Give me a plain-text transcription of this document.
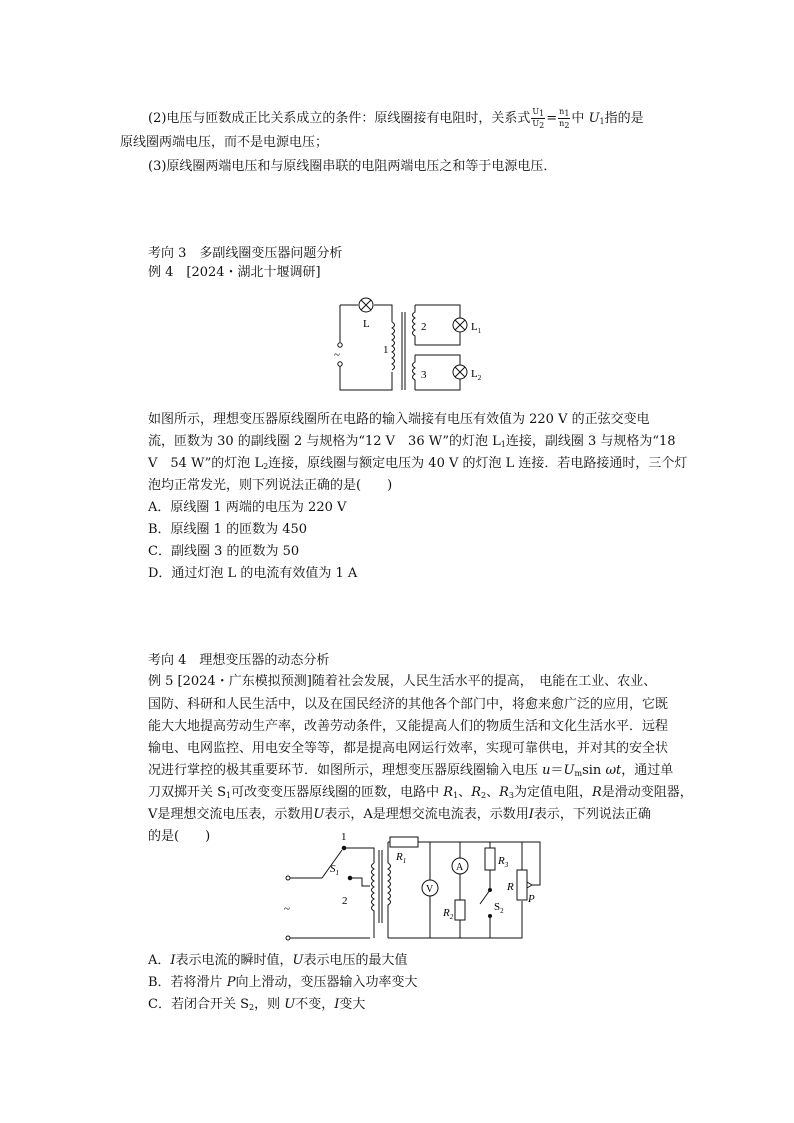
(2)电压与匝数成正比关系成立的条件：原线圈接有电阻时，关系式 $\frac{U1}{U2} = \frac{n1}{n2}$ 中 $U_1$指的是
原线圈两端电压，而不是电源电压；
(3)原线圈两端电压和与原线圈串联的电阻两端电压之和等于电源电压．
考向 3　多副线圈变压器问题分析
例 4　[2024・湖北十堰调研]
L
1
2
3
~
$L_1$
$L_2$
如图所示，理想变压器原线圈所在电路的输入端接有电压有效值为 220 V 的正弦交变电
流，匝数为 30 的副线圈 2 与规格为“12 V　36 W”的灯泡 $L_1$连接，副线圈 3 与规格为“18
V　54 W”的灯泡 $L_2$连接，原线圈与额定电压为 40 V 的灯泡 L 连接．若电路接通时，三个灯
泡均正常发光，则下列说法正确的是(　　)
A．原线圈 1 两端的电压为 220 V
B．原线圈 1 的匝数为 450
C．副线圈 3 的匝数为 50
D．通过灯泡 L 的电流有效值为 1 A
考向 4　理想变压器的动态分析
例 5 [2024・广东模拟预测]随着社会发展，人民生活水平的提高，　电能在工业、农业、
国防、科研和人民生活中，以及在国民经济的其他各个部门中，将愈来愈广泛的应用，它既
能大大地提高劳动生产率，改善劳动条件，又能提高人们的物质生活和文化生活水平．远程
输电、电网监控、用电安全等等，都是提高电网运行效率，实现可靠供电，并对其的安全状
况进行掌控的极其重要环节．如图所示，理想变压器原线圈输入电压 $u=U_m\sin$ ωt，通过单
刀双掷开关 $S_1$可改变变压器原线圈的匝数，电路中 $R_1$、$R_2$、$R_3$为定值电阻，R是滑动变阻器，
V是理想交流电压表，示数用U表示，A是理想交流电流表，示数用I表示，下列说法正确
的是(　　)	1
2
$S_1$
$R_1$
V
A
$R_2$
$R_3$
$S_2$
R
P
~
A．I表示电流的瞬时值，U表示电压的最大值
B．若将滑片 P向上滑动，变压器输入功率变大
C．若闭合开关 $S_2$，则 U不变，I变大
